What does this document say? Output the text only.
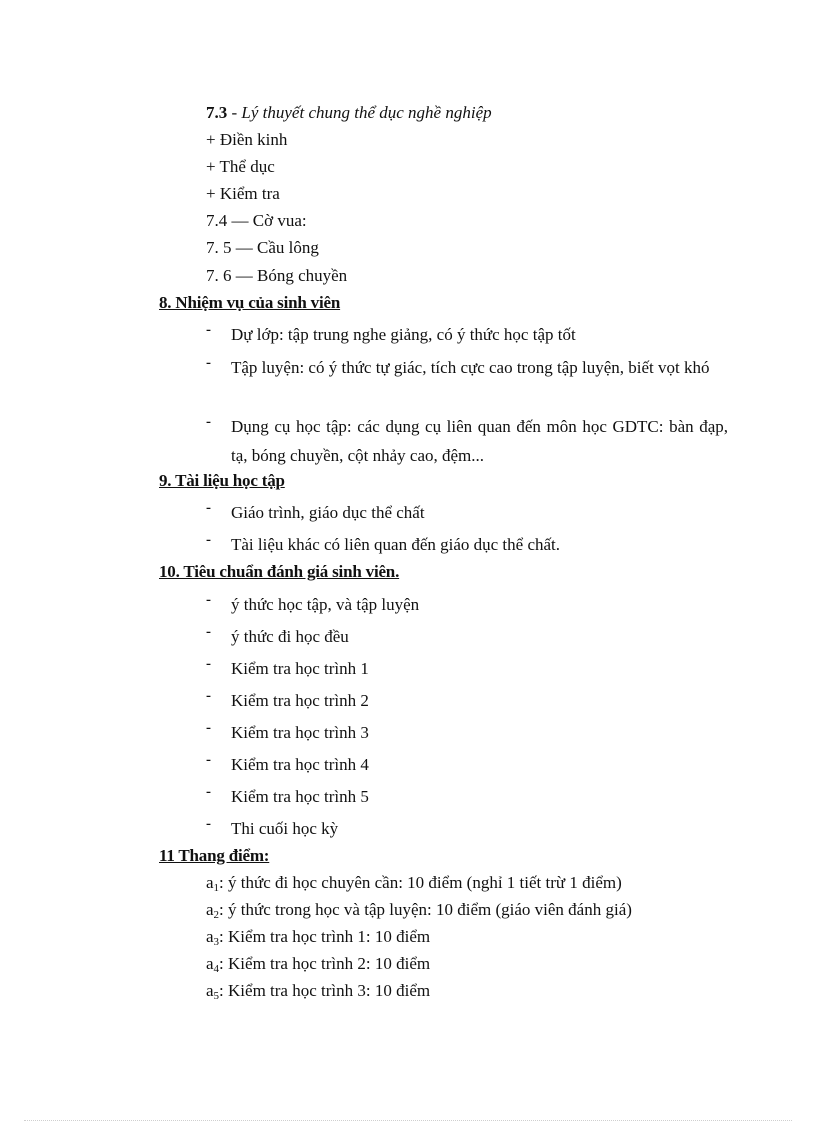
7.3 - Lý thuyết chung thể dục nghề nghiệp
+ Điền kinh
+ Thể dục
+ Kiểm tra
7.4 — Cờ vua:
7. 5 — Cầu lông
7. 6 — Bóng chuyền
8. Nhiệm vụ của sinh viên
- Dự lớp: tập trung nghe giảng, có ý thức học tập tốt
- Tập luyện: có ý thức tự giác, tích cực cao trong tập luyện, biết vọt khó
- Dụng cụ học tập: các dụng cụ liên quan đến môn học GDTC: bàn đạp, tạ, bóng chuyền, cột nhảy cao, đệm...
9. Tài liệu học tập
- Giáo trình, giáo dục thể chất
- Tài liệu khác có liên quan đến giáo dục thể chất.
10. Tiêu chuẩn đánh giá sinh viên.
- ý thức học tập, và tập luyện
- ý thức đi học đều
- Kiểm tra học trình 1
- Kiểm tra học trình 2
- Kiểm tra học trình 3
- Kiểm tra học trình 4
- Kiểm tra học trình 5
- Thi cuối học kỳ
11 Thang điểm:
$a_1$: ý thức đi học chuyên cần: 10 điểm (nghỉ 1 tiết trừ 1 điểm)
$a_2$: ý thức trong học và tập luyện: 10 điểm (giáo viên đánh giá)
$a_3$: Kiểm tra học trình 1: 10 điểm
$a_4$: Kiểm tra học trình 2: 10 điểm
$a_5$: Kiểm tra học trình 3: 10 điểm
